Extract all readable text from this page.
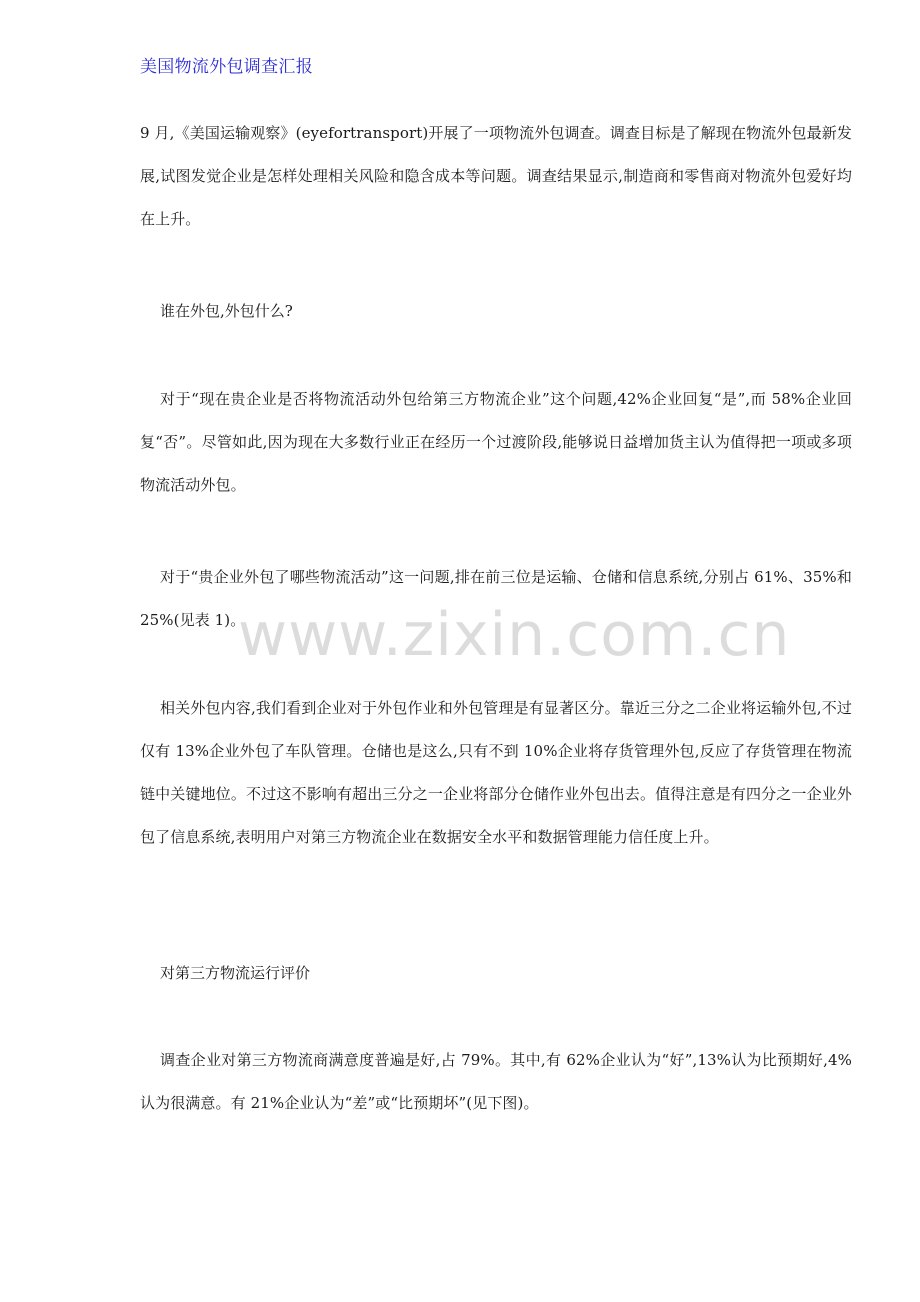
美国物流外包调查汇报
9 月,《美国运输观察》(eyefortransport)开展了一项物流外包调查。调查目标是了解现在物流外包最新发展,试图发觉企业是怎样处理相关风险和隐含成本等问题。调查结果显示,制造商和零售商对物流外包爱好均在上升。
谁在外包,外包什么?
对于“现在贵企业是否将物流活动外包给第三方物流企业”这个问题,42%企业回复“是”,而 58%企业回复“否”。尽管如此,因为现在大多数行业正在经历一个过渡阶段,能够说日益增加货主认为值得把一项或多项物流活动外包。
对于“贵企业外包了哪些物流活动”这一问题,排在前三位是运输、仓储和信息系统,分别占 61%、35%和 25%(见表 1)。
相关外包内容,我们看到企业对于外包作业和外包管理是有显著区分。靠近三分之二企业将运输外包,不过仅有 13%企业外包了车队管理。仓储也是这么,只有不到 10%企业将存货管理外包,反应了存货管理在物流链中关键地位。不过这不影响有超出三分之一企业将部分仓储作业外包出去。值得注意是有四分之一企业外包了信息系统,表明用户对第三方物流企业在数据安全水平和数据管理能力信任度上升。
对第三方物流运行评价
调查企业对第三方物流商满意度普遍是好,占 79%。其中,有 62%企业认为“好”,13%认为比预期好,4%认为很满意。有 21%企业认为“差”或“比预期坏”(见下图)。
www.zixin.com.cn
